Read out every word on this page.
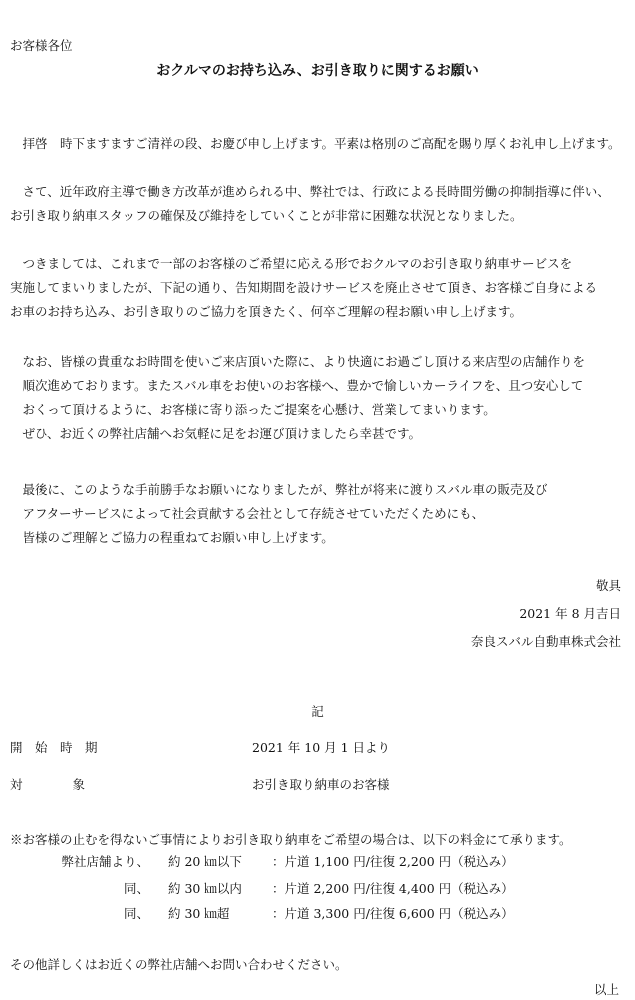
お客様各位
おクルマのお持ち込み、お引き取りに関するお願い
　拝啓　時下ますますご清祥の段、お慶び申し上げます。平素は格別のご高配を賜り厚くお礼申し上げます。
　さて、近年政府主導で働き方改革が進められる中、弊社では、行政による長時間労働の抑制指導に伴い、
お引き取り納車スタッフの確保及び維持をしていくことが非常に困難な状況となりました。
　つきましては、これまで一部のお客様のご希望に応える形でおクルマのお引き取り納車サービスを
実施してまいりましたが、下記の通り、告知期間を設けサービスを廃止させて頂き、お客様ご自身による
お車のお持ち込み、お引き取りのご協力を頂きたく、何卒ご理解の程お願い申し上げます。
　なお、皆様の貴重なお時間を使いご来店頂いた際に、より快適にお過ごし頂ける来店型の店舗作りを
　順次進めております。またスバル車をお使いのお客様へ、豊かで愉しいカーライフを、且つ安心して
　おくって頂けるように、お客様に寄り添ったご提案を心懸け、営業してまいります。
　ぜひ、お近くの弊社店舗へお気軽に足をお運び頂けましたら幸甚です。
　最後に、このような手前勝手なお願いになりましたが、弊社が将来に渡りスバル車の販売及び
　アフターサービスによって社会貢献する会社として存続させていただくためにも、
　皆様のご理解とご協力の程重ねてお願い申し上げます。
敬具
2021 年 8 月吉日
奈良スバル自動車株式会社
記
開　始　時　期	2021 年 10 月 1 日より
対　　　　象	お引き取り納車のお客様
※お客様の止むを得ないご事情によりお引き取り納車をご希望の場合は、以下の料金にて承ります。
弊社店舗より、 約 20 ㎞以下 ：片道 1,100 円/往復 2,200 円（税込み）
同、 約 30 ㎞以内 ：片道 2,200 円/往復 4,400 円（税込み）
同、 約 30 ㎞超	：片道 3,300 円/往復 6,600 円（税込み）
その他詳しくはお近くの弊社店舗へお問い合わせください。
以上
